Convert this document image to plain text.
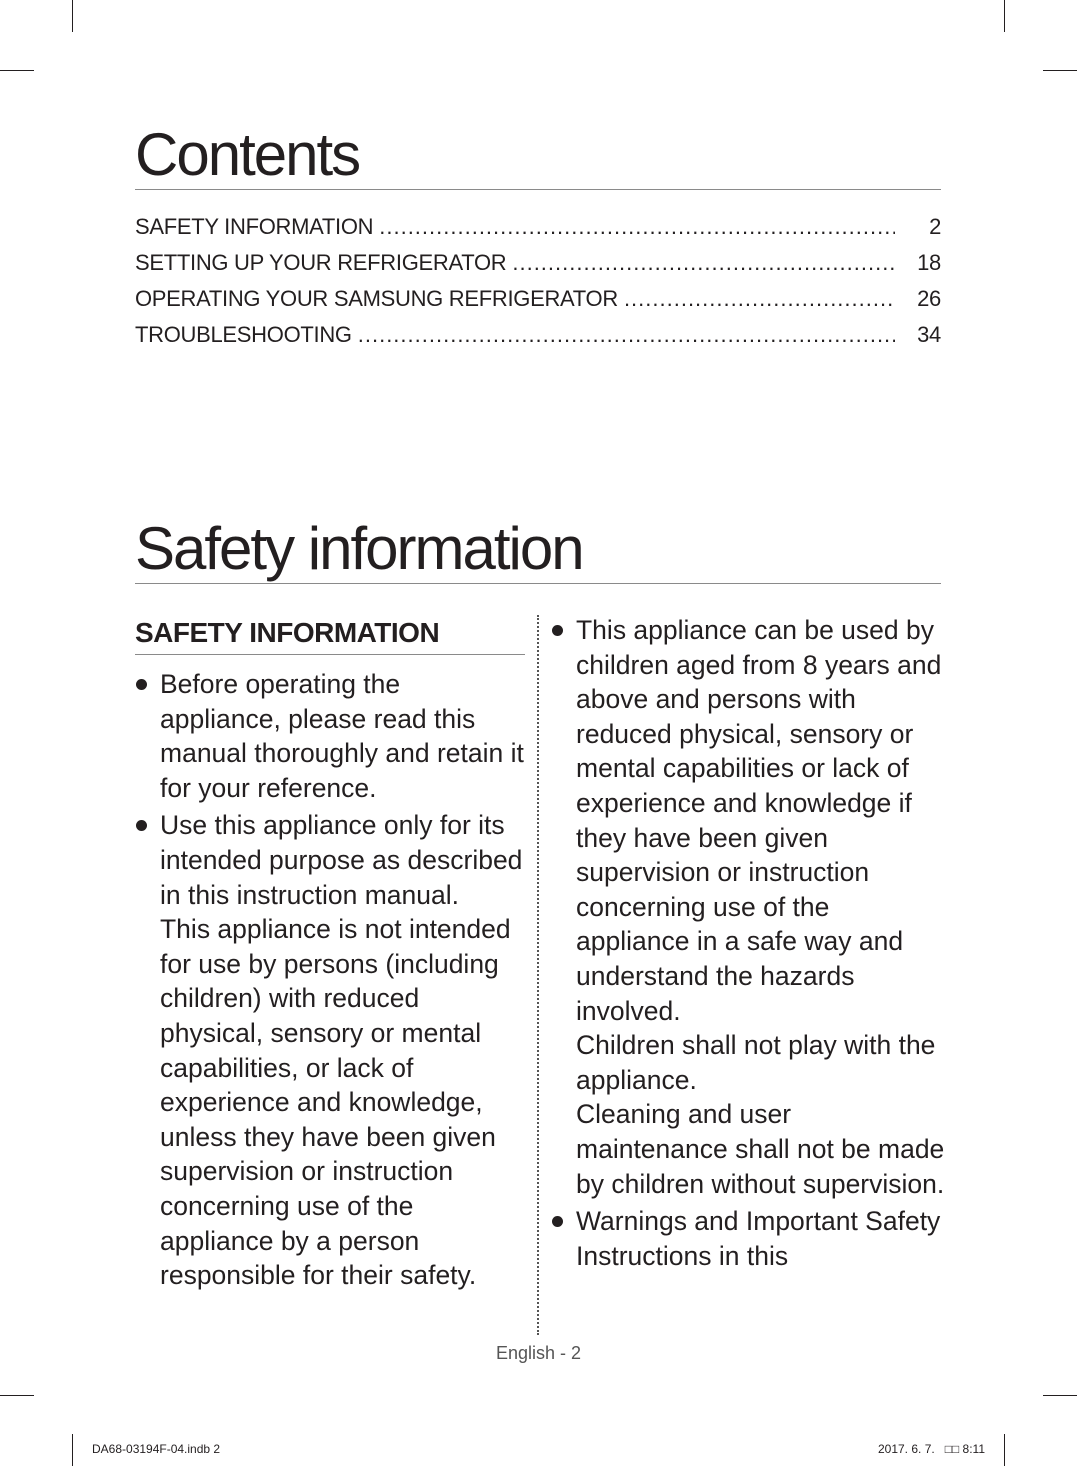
Contents
SAFETY INFORMATION .....	2
SETTING UP YOUR REFRIGERATOR .....	18
OPERATING YOUR SAMSUNG REFRIGERATOR .....	26
TROUBLESHOOTING .....	34
Safety information
SAFETY INFORMATION

Before operating the appliance, please read this manual thoroughly and retain it for your reference.

Use this appliance only for its intended purpose as described in this instruction manual.

This appliance is not intended for use by persons (including children) with reduced physical, sensory or mental capabilities, or lack of experience and knowledge, unless they have been given supervision or instruction concerning use of the appliance by a person responsible for their safety.

This appliance can be used by children aged from 8 years and above and persons with reduced physical, sensory or mental capabilities or lack of experience and knowledge if they have been given supervision or instruction concerning use of the appliance in a safe way and understand the hazards involved.

Children shall not play with the appliance.

Cleaning and user maintenance shall not be made by children without supervision.

Warnings and Important Safety Instructions in this

English - 2
DA68-03194F-04.indb 2	2017. 6. 7.   □□ 8:11
